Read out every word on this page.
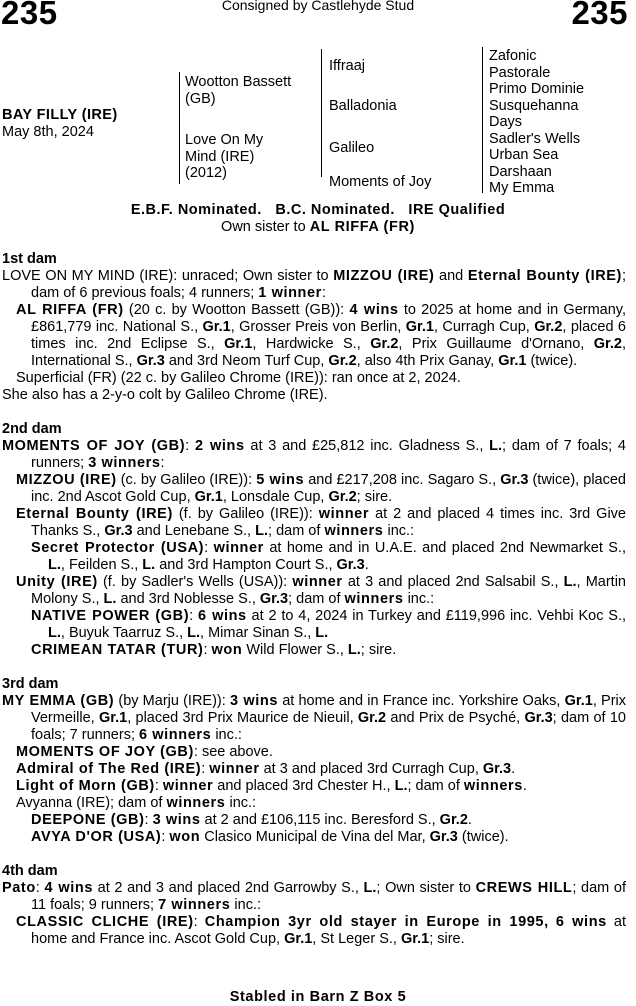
235	Consigned by Castlehyde Stud	235
BAY FILLY (IRE)
May 8th, 2024
Wootton Bassett (GB)
Love On My
Mind (IRE)
(2012)
Iffraaj
Balladonia
Galileo
Moments of Joy
Zafonic
Pastorale
Primo Dominie
Susquehanna
Days
Sadler's Wells
Urban Sea
Darshaan
My Emma
E.B.F. Nominated.   B.C. Nominated.   IRE Qualified
Own sister to AL RIFFA (FR)
1st dam

LOVE ON MY MIND (IRE): unraced; Own sister to MIZZOU (IRE) and Eternal Bounty (IRE); dam of 6 previous foals; 4 runners; 1 winner:

AL RIFFA (FR) (20 c. by Wootton Bassett (GB)): 4 wins to 2025 at home and in Germany, £861,779 inc. National S., Gr.1, Grosser Preis von Berlin, Gr.1, Curragh Cup, Gr.2, placed 6 times inc. 2nd Eclipse S., Gr.1, Hardwicke S., Gr.2, Prix Guillaume d'Ornano, Gr.2, International S., Gr.3 and 3rd Neom Turf Cup, Gr.2, also 4th Prix Ganay, Gr.1 (twice).

Superficial (FR) (22 c. by Galileo Chrome (IRE)): ran once at 2, 2024.

She also has a 2-y-o colt by Galileo Chrome (IRE).

2nd dam

MOMENTS OF JOY (GB): 2 wins at 3 and £25,812 inc. Gladness S., L.; dam of 7 foals; 4 runners; 3 winners:

MIZZOU (IRE) (c. by Galileo (IRE)): 5 wins and £217,208 inc. Sagaro S., Gr.3 (twice), placed inc. 2nd Ascot Gold Cup, Gr.1, Lonsdale Cup, Gr.2; sire.

Eternal Bounty (IRE) (f. by Galileo (IRE)): winner at 2 and placed 4 times inc. 3rd Give Thanks S., Gr.3 and Lenebane S., L.; dam of winners inc.:

Secret Protector (USA): winner at home and in U.A.E. and placed 2nd Newmarket S., L., Feilden S., L. and 3rd Hampton Court S., Gr.3.

Unity (IRE) (f. by Sadler's Wells (USA)): winner at 3 and placed 2nd Salsabil S., L., Martin Molony S., L. and 3rd Noblesse S., Gr.3; dam of winners inc.:

NATIVE POWER (GB): 6 wins at 2 to 4, 2024 in Turkey and £119,996 inc. Vehbi Koc S., L., Buyuk Taarruz S., L., Mimar Sinan S., L.

CRIMEAN TATAR (TUR): won Wild Flower S., L.; sire.

3rd dam

MY EMMA (GB) (by Marju (IRE)): 3 wins at home and in France inc. Yorkshire Oaks, Gr.1, Prix Vermeille, Gr.1, placed 3rd Prix Maurice de Nieuil, Gr.2 and Prix de Psyché, Gr.3; dam of 10 foals; 7 runners; 6 winners inc.:

MOMENTS OF JOY (GB): see above.

Admiral of The Red (IRE): winner at 3 and placed 3rd Curragh Cup, Gr.3.

Light of Morn (GB): winner and placed 3rd Chester H., L.; dam of winners.

Avyanna (IRE); dam of winners inc.:

DEEPONE (GB): 3 wins at 2 and £106,115 inc. Beresford S., Gr.2.

AVYA D'OR (USA): won Clasico Municipal de Vina del Mar, Gr.3 (twice).

4th dam

Pato: 4 wins at 2 and 3 and placed 2nd Garrowby S., L.; Own sister to CREWS HILL; dam of 11 foals; 9 runners; 7 winners inc.:

CLASSIC CLICHE (IRE): Champion 3yr old stayer in Europe in 1995, 6 wins at home and France inc. Ascot Gold Cup, Gr.1, St Leger S., Gr.1; sire.

Stabled in Barn Z Box 5
